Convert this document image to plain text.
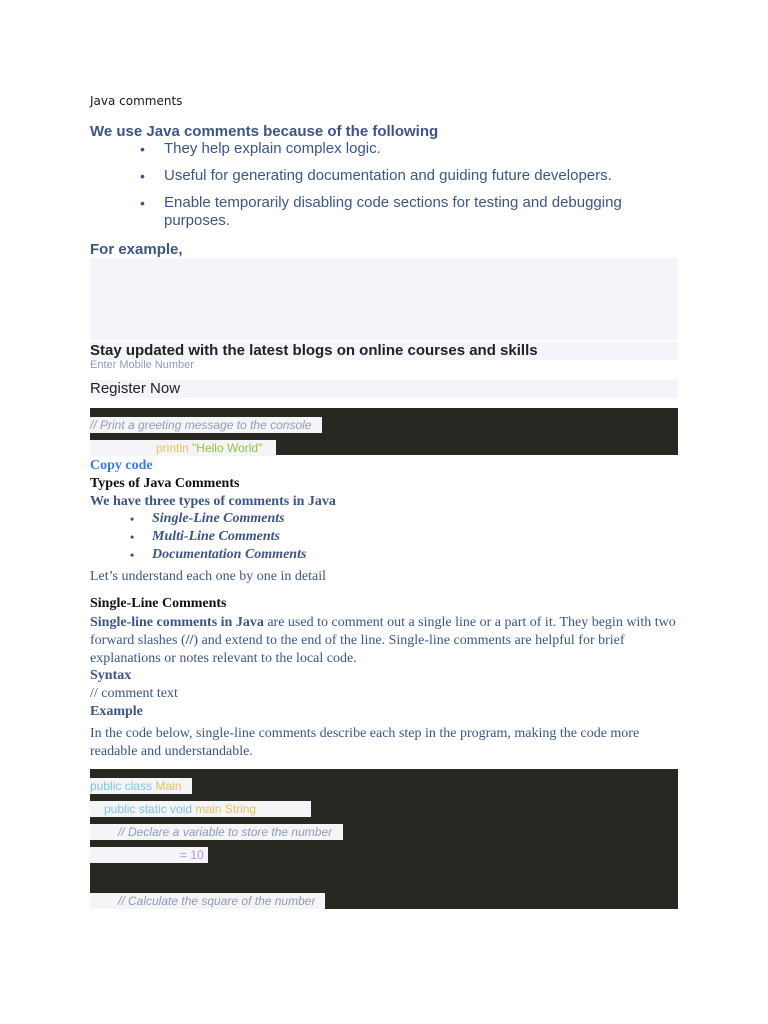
Java comments
We use Java comments because of the following
• They help explain complex logic.
• Useful for generating documentation and guiding future developers.
• Enable temporarily disabling code sections for testing and debugging purposes.
For example,
Stay updated with the latest blogs on online courses and skills
Enter Mobile Number
Register Now
// Print a greeting message to the console
println "Hello World"
Copy code
Types of Java Comments
We have three types of comments in Java
• Single-Line Comments
• Multi-Line Comments
• Documentation Comments
Let’s understand each one by one in detail
Single-Line Comments
Single-line comments in Java are used to comment out a single line or a part of it. They begin with two forward slashes (//) and extend to the end of the line. Single-line comments are helpful for brief explanations or notes relevant to the local code.
Syntax
// comment text
Example
In the code below, single-line comments describe each step in the program, making the code more readable and understandable.
public class Main
public static void main String
// Declare a variable to store the number
= 10
// Calculate the square of the number
